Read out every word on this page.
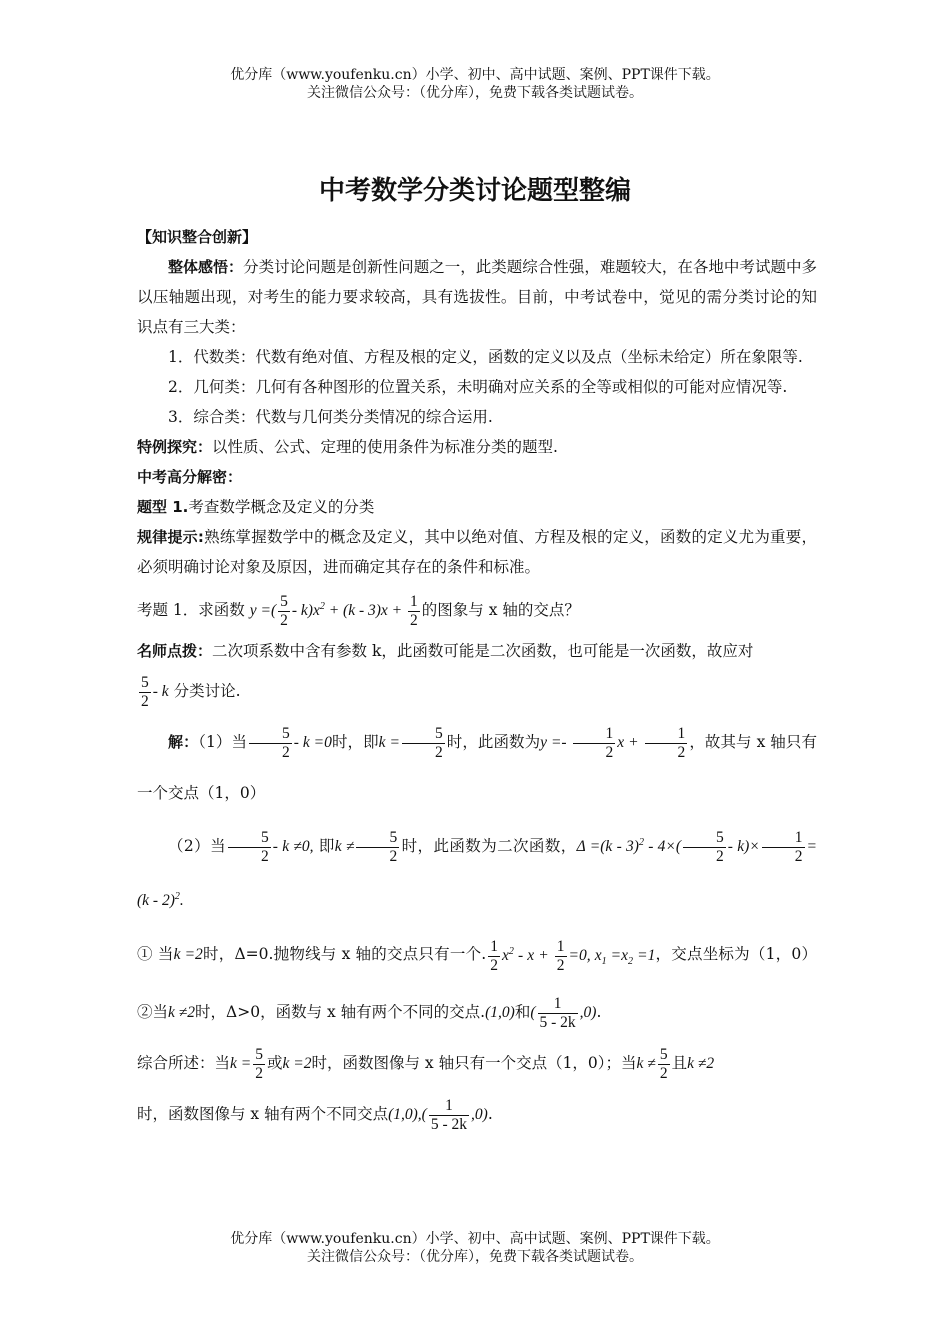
优分库（www.youfenku.cn）小学、初中、高中试题、案例、PPT课件下载。
关注微信公众号：（优分库），免费下载各类试题试卷。
中考数学分类讨论题型整编

【知识整合创新】

整体感悟：分类讨论问题是创新性问题之一，此类题综合性强，难题较大，在各地中考试题中多以压轴题出现，对考生的能力要求较高，具有选拔性。目前，中考试卷中，觉见的需分类讨论的知识点有三大类：

1．代数类：代数有绝对值、方程及根的定义，函数的定义以及点（坐标未给定）所在象限等.

2．几何类：几何有各种图形的位置关系，未明确对应关系的全等或相似的可能对应情况等.

3．综合类：代数与几何类分类情况的综合运用.

特例探究：以性质、公式、定理的使用条件为标准分类的题型.

中考高分解密：

题型 1.考查数学概念及定义的分类

规律提示:熟练掌握数学中的概念及定义，其中以绝对值、方程及根的定义，函数的定义尤为重要，必须明确讨论对象及原因，进而确定其存在的条件和标准。

考题 1．求函数 y =( $\frac{5}{2} - k)x^2 + (k - 3)x + \frac{1}{2}$ 的图象与 x 轴的交点？

名师点拨：二次项系数中含有参数 k，此函数可能是二次函数，也可能是一次函数，故应对

$\frac{5}{2}$ - k 分类讨论.

解：（1）当 $\frac{5}{2} - k =0$时，即$k = \frac{5}{2}$ 时，此函数为$y =- \frac{1}{2}$ $x + \frac{1}{2}$ ，故其与 x 轴只有一个交点（1，0）

（2）当 $\frac{5}{2} - k \ne 0$, 即$k \ne \frac{5}{2}$ 时，此函数为二次函数，$\Delta =(k - 3)^2 - 4\times( \frac{5}{2} - k)\times \frac{1}{2} =(k - 2)^2$.

① 当k =2时，Δ=0.抛物线与 x 轴的交点只有一个. $\frac{1}{2} x^2 - x + \frac{1}{2} =0$, $x_1 =x_2 =1$，交点坐标为（1，0）②当k ≠2时，Δ>0，函数与 x 轴有两个不同的交点.(1,0)和( $\frac{1}{5 - 2k} ,0$).

综合所述：当$k = \frac{5}{2}$ 或k =2时，函数图像与 x 轴只有一个交点（1，0）；当$k \ne \frac{5}{2}$ 且k ≠2

时，函数图像与 x 轴有两个不同交点$(1,0),( \frac{1}{5 - 2k} ,0)$.

优分库（www.youfenku.cn）小学、初中、高中试题、案例、PPT课件下载。
关注微信公众号：（优分库），免费下载各类试题试卷。
